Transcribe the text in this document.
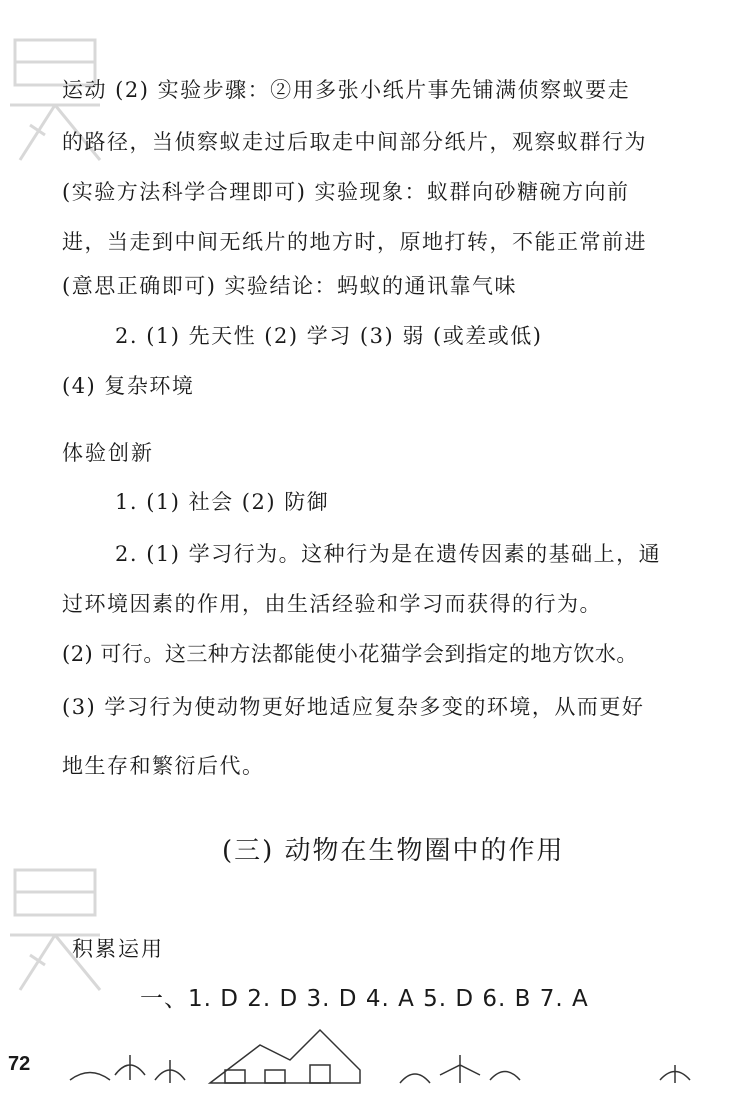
运动 (2) 实验步骤：②用多张小纸片事先铺满侦察蚁要走
的路径，当侦察蚁走过后取走中间部分纸片，观察蚁群行为
(实验方法科学合理即可) 实验现象：蚁群向砂糖碗方向前
进，当走到中间无纸片的地方时，原地打转，不能正常前进
(意思正确即可) 实验结论：蚂蚁的通讯靠气味
2. (1) 先天性 (2) 学习 (3) 弱 (或差或低)
(4) 复杂环境
体验创新
1. (1) 社会 (2) 防御
2. (1) 学习行为。这种行为是在遗传因素的基础上，通
过环境因素的作用，由生活经验和学习而获得的行为。
(2) 可行。这三种方法都能使小花猫学会到指定的地方饮水。
(3) 学习行为使动物更好地适应复杂多变的环境，从而更好
地生存和繁衍后代。
(三) 动物在生物圈中的作用
积累运用
一、1. D 2. D 3. D 4. A 5. D 6. B 7. A
72
